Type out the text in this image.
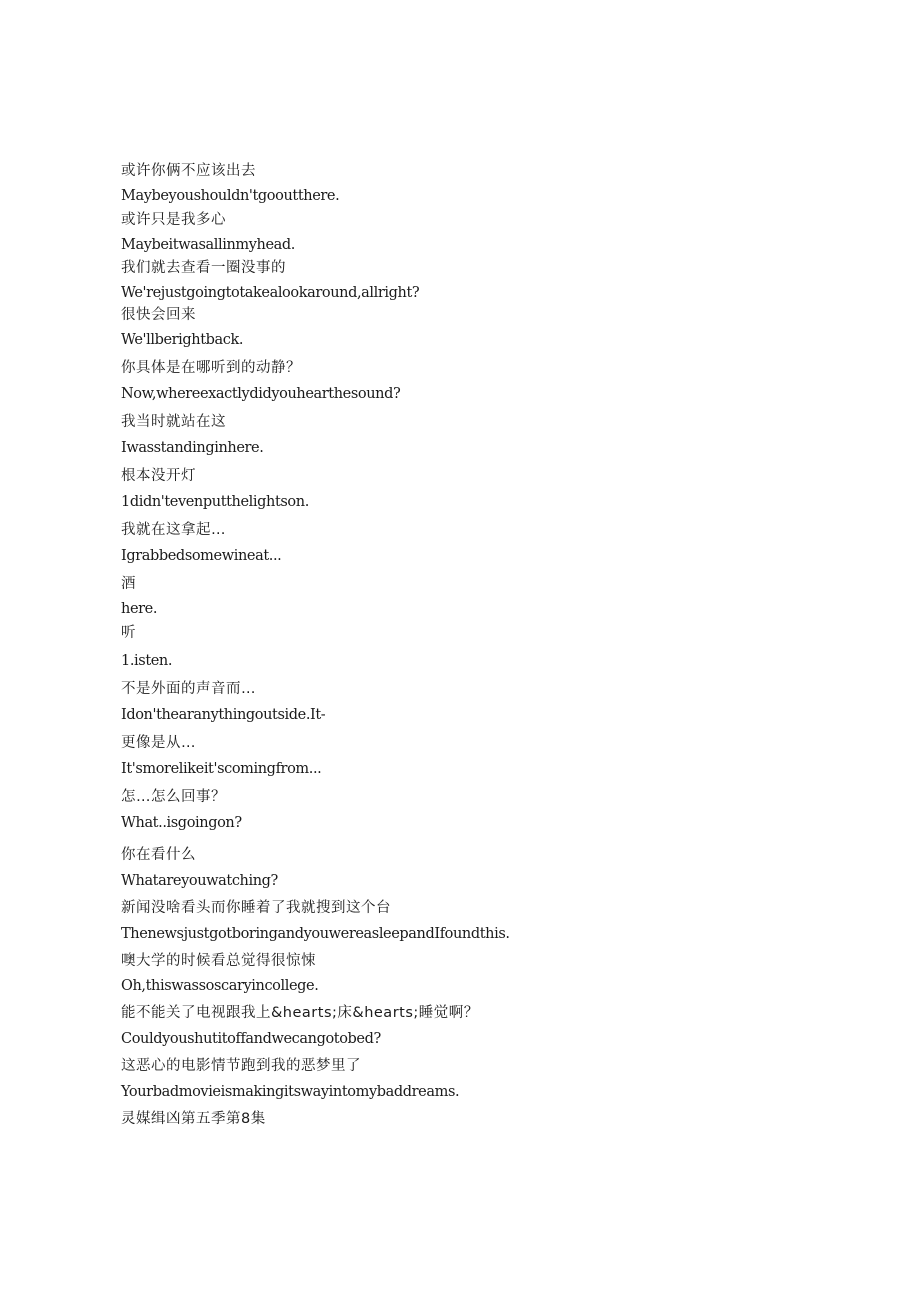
或许你俩不应该出去
Maybeyoushouldn'tgooutthere.
或许只是我多心
Maybeitwasallinmyhead.
我们就去查看一圈没事的
We'rejustgoingtotakealookaround,allright?
很快会回来
We'llberightback.
你具体是在哪听到的动静？
Now,whereexactlydidyouhearthesound?
我当时就站在这
Iwasstandinginhere.
根本没开灯
1didn'tevenputthelightson.
我就在这拿起…
Igrabbedsomewineat...
酒
here.
听
1.isten.
不是外面的声音而…
Idon'thearanythingoutside.It-
更像是从…
It'smorelikeit'scomingfrom...
怎…怎么回事？
What..isgoingon?
你在看什么
Whatareyouwatching?
新闻没啥看头而你睡着了我就搜到这个台
ThenewsjustgotboringandyouwereasleepandIfoundthis.
噢大学的时候看总觉得很惊悚
Oh,thiswassoscaryincollege.
能不能关了电视跟我上&hearts;床&hearts;睡觉啊？
Couldyoushutitoffandwecangotobed?
这恶心的电影情节跑到我的恶梦里了
Yourbadmovieismakingitswayintomybaddreams.
灵媒缉凶第五季第8集
